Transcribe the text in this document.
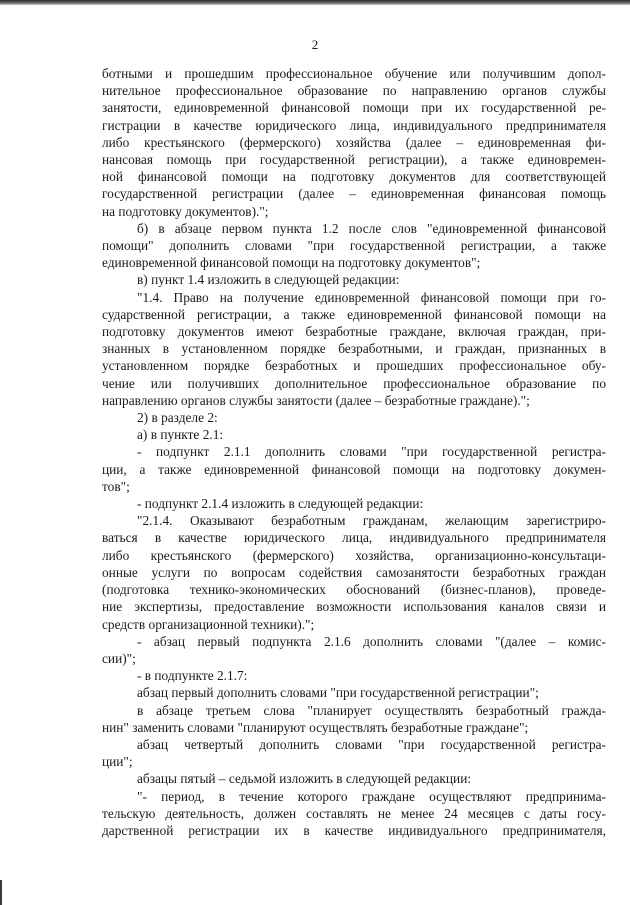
2
ботными и прошедшим профессиональное обучение или получившим допол-
нительное профессиональное образование по направлению органов службы
занятости, единовременной финансовой помощи при их государственной ре-
гистрации в качестве юридического лица, индивидуального предпринимателя
либо крестьянского (фермерского) хозяйства (далее – единовременная фи-
нансовая помощь при государственной регистрации), а также единовремен-
ной финансовой помощи на подготовку документов для соответствующей
государственной регистрации (далее – единовременная финансовая помощь
на подготовку документов).";
б) в абзаце первом пункта 1.2 после слов "единовременной финансовой
помощи" дополнить словами "при государственной регистрации, а также
единовременной финансовой помощи на подготовку документов";
в) пункт 1.4 изложить в следующей редакции:
"1.4. Право на получение единовременной финансовой помощи при го-
сударственной регистрации, а также единовременной финансовой помощи на
подготовку документов имеют безработные граждане, включая граждан, при-
знанных в установленном порядке безработными, и граждан, признанных в
установленном порядке безработных и прошедших профессиональное обу-
чение или получивших дополнительное профессиональное образование по
направлению органов службы занятости (далее – безработные граждане).";
2) в разделе 2:
а) в пункте 2.1:
- подпункт 2.1.1 дополнить словами "при государственной регистра-
ции, а также единовременной финансовой помощи на подготовку докумен-
тов";
- подпункт 2.1.4 изложить в следующей редакции:
"2.1.4. Оказывают безработным гражданам, желающим зарегистриро-
ваться в качестве юридического лица, индивидуального предпринимателя
либо крестьянского (фермерского) хозяйства, организационно-консультаци-
онные услуги по вопросам содействия самозанятости безработных граждан
(подготовка технико-экономических обоснований (бизнес-планов), проведе-
ние экспертизы, предоставление возможности использования каналов связи и
средств организационной техники).";
- абзац первый подпункта 2.1.6 дополнить словами "(далее – комис-
сии)";
- в подпункте 2.1.7:
абзац первый дополнить словами "при государственной регистрации";
в абзаце третьем слова "планирует осуществлять безработный гражда-
нин" заменить словами "планируют осуществлять безработные граждане";
абзац четвертый дополнить словами "при государственной регистра-
ции";
абзацы пятый – седьмой изложить в следующей редакции:
"- период, в течение которого граждане осуществляют предпринима-
тельскую деятельность, должен составлять не менее 24 месяцев с даты госу-
дарственной регистрации их в качестве индивидуального предпринимателя,
